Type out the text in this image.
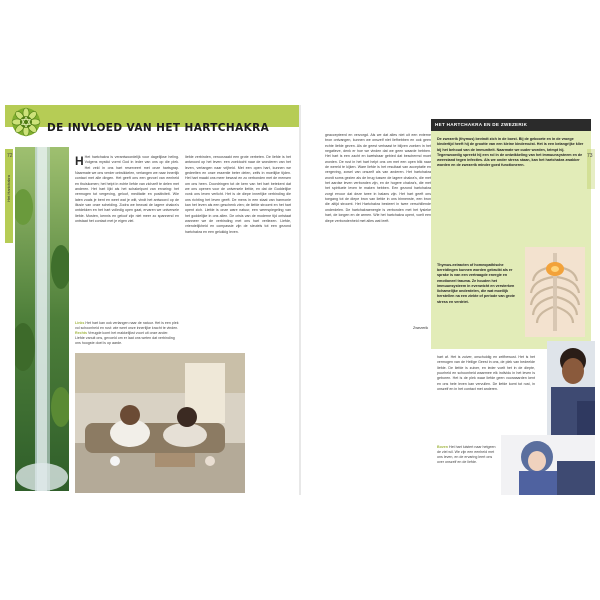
DE INVLOED VAN HET HARTCHAKRA
72
Het Hartchakra

H Het hartchakra is verantwoordelijk voor dagelijkse heling. Volgens mystici vormt God in ieder van ons op die plek. Het veld in ons hart reserveert met onze hartsgrap. Naarmate we ons verder ontwikkelen, verlangen we naar innerlijk contact met alle dingen. Het geeft ons een gevoel van eenheid en thuiskomen; het helpt in echte liefde van zichzelf te delen met anderen. Het hart lijkt als het schakelpunt van ervaring: het vermogen tot vergeving, geloof, meditatie en positiviteit. Wie laten zoals je bent en weet wat je wilt, vindt het antwoord op de illusie van onze scheiding. Zodra we bewust de lagere chakra's ontdekken en het hart volledig open gaat, ervaren we universele liefde. Mosten, kennis en geloof zijn niet meer zo spannend en ontstaat het contact met je eigen ziel.

Links Het hart kan ook verlangen naar de natuur. Het is een plek vol schoonheid en rust: wie weet onze innerlijke kracht te vinden.
Rechts Vreugde komt het makkelijkst voort uit onze ander. Liefde vanuit ons, gevoeld om er laat ons weten dat verbinding ons hoogste doel is op aarde.

liefde verbinden, veroorzaakt een grote verbeten. De liefde is het antwoord op het leven: een zoektocht naar de wonderen van het leven, verlangen naar vrijheid. Met een open hart, kunnen we gedeelten en onze essentie beter delen, zelfs in moeilijke tijden. Het hart maakt ons meer bewust en zo verbonden met de mensen om ons heen. Doordringen tot de kern van het hart betekent dat we ons openen voor de universele liefde, en dat de Goddelijke vonk ons leven verlicht. Het is de diepe innerlijke verbinding die ons richting het leven geeft. De mens in een staat van harmonie kan het leven als een geschenk zien; de liefde stroomt en het hart opent zich. Liefde is onze ware natuur, een weerspiegeling van het goddelijke in ons allen. De crisis van de moderne tijd ontstaat wanneer we de verbinding met ons hart verliezen. Liefde, vriendelijkheid en compassie zijn de sleutels tot een gezond hartchakra en een gelukkig leven.

geaccepteerd en verzorgd. Als we dat alles niet uit een externe bron ontvangen, kunnen we onszelf niet liefhebben en ook geen echte liefde geven. Als de geest verbaast te blijven zoeken in het negatieve, denk er hoe we vinden dat we geen waarde hebben. Het hart is een zacht en kwetsbaar gebied dat beschermd moet worden. De rust in het hart helpt ons om met een open blik naar de wereld te kijken. Ware liefde is het resultaat van acceptatie en vergeving, zowel van onszelf als van anderen. Het hartchakra wordt soms gezien als de brug tussen de lagere chakra's, die met het aardse leven verbonden zijn, en de hogere chakra's, die met het spirituele leven te maken hebben. Een gezond hartchakra zorgt ervoor dat deze twee in balans zijn. Het hart geeft ons toegang tot de diepe bron van liefde in ons binnenste, een bron die altijd stroomt. Het Hartchakra besteert in twee verschillende onderdelen. De hartchakraenergie is verbonden met het fysieke hart, de longen en de armen. Wie het hartchakra opent, voelt een diepe verbondenheid met alles wat leeft.

HET HARTCHAKRA EN DE ZWEZERIK

De zwezerik (thymus) bevindt zich in de borst. Bij de geboorte en in de vroege kindertijd heeft hij de grootte van een kleine kindervuist. Het is een belangrijke klier bij het behoud van de immuniteit. Naarmate we ouder worden, krimpt hij. Tegenwoordig spreekt hij een rol in de ontwikkeling van het immuunsysteem en de weerstand tegen infecties. Als we onder stress staan, kan het hartchakra zwakker worden en de zwezerik minder goed functioneren.

Thymus-extracten of homeopathische bereidingen kunnen worden gebruikt als er sprake is van een vertraagde energie en emotioneel trauma. Ze houden het immuunsysteem in evenwicht en versterken lichamelijke onderdelen, die wat moeilijk herstellen na een ziekte of periode van grote stress en verdriet.

Zwezerik
73

hart af. Het is zuiver, onschuldig en zelfbewust. Het is het vermogen van de Heilige Geest in ons, de plek van bedeelde liefde. De liefde is zuiver, en ieder voelt het in de diepte, puurheid en schoonheid waarmee elk individu in het leven is geboren. Het is de plek waar liefde geen voorwaarden kent en ons hele leven kan vervullen. De liefde komt tot rust, in onszelf en in het contact met anderen.

Boven Het hart luistert naar hetgeen de ziel wil. We zijn een eenheid met ons leven, en de ervaring leert ons over onszelf en de liefde.
